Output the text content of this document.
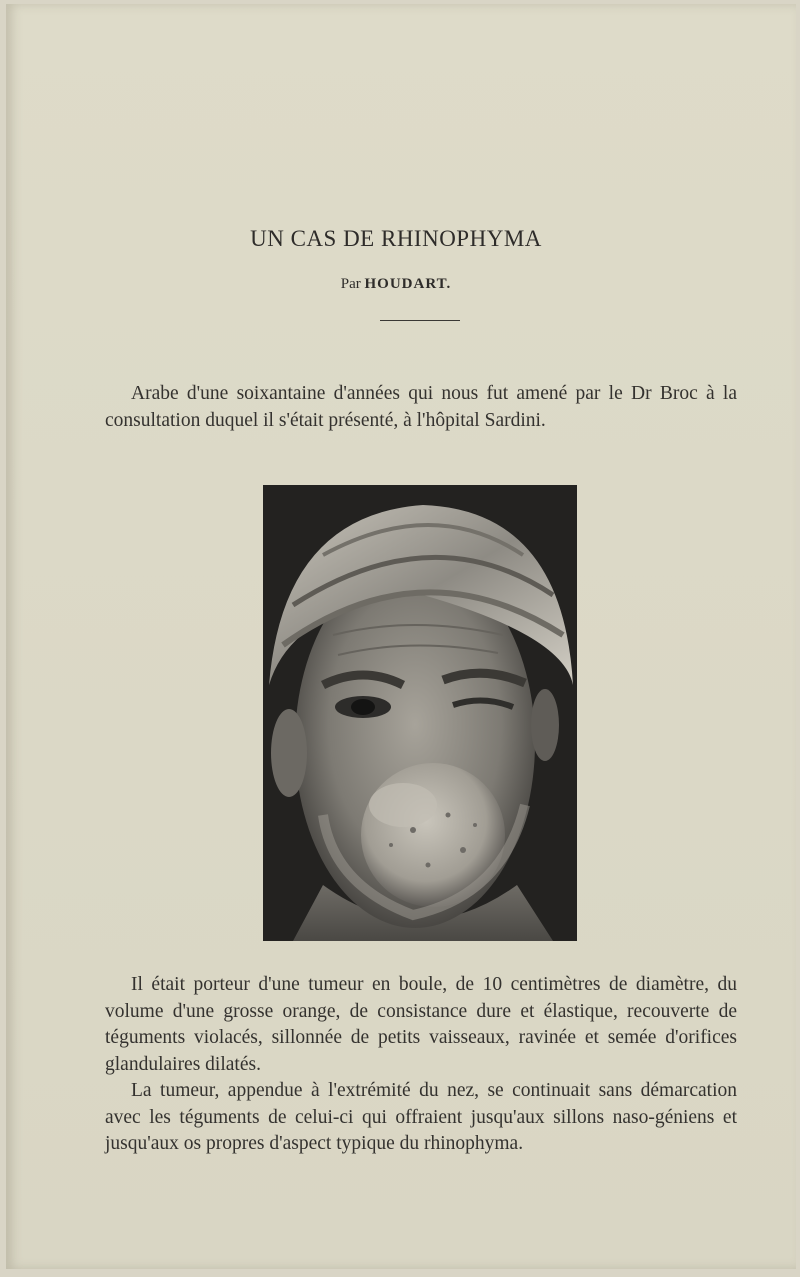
UN CAS DE RHINOPHYMA
Par HOUDART.

Arabe d'une soixantaine d'années qui nous fut amené par le Dr Broc à la consultation duquel il s'était présenté, à l'hôpital Sardini.

Il était porteur d'une tumeur en boule, de 10 centimètres de diamètre, du volume d'une grosse orange, de consistance dure et élastique, recouverte de téguments violacés, sillonnée de petits vaisseaux, ravinée et semée d'orifices glandulaires dilatés.

La tumeur, appendue à l'extrémité du nez, se continuait sans démarcation avec les téguments de celui-ci qui offraient jusqu'aux sillons naso-géniens et jusqu'aux os propres d'aspect typique du rhinophyma.
